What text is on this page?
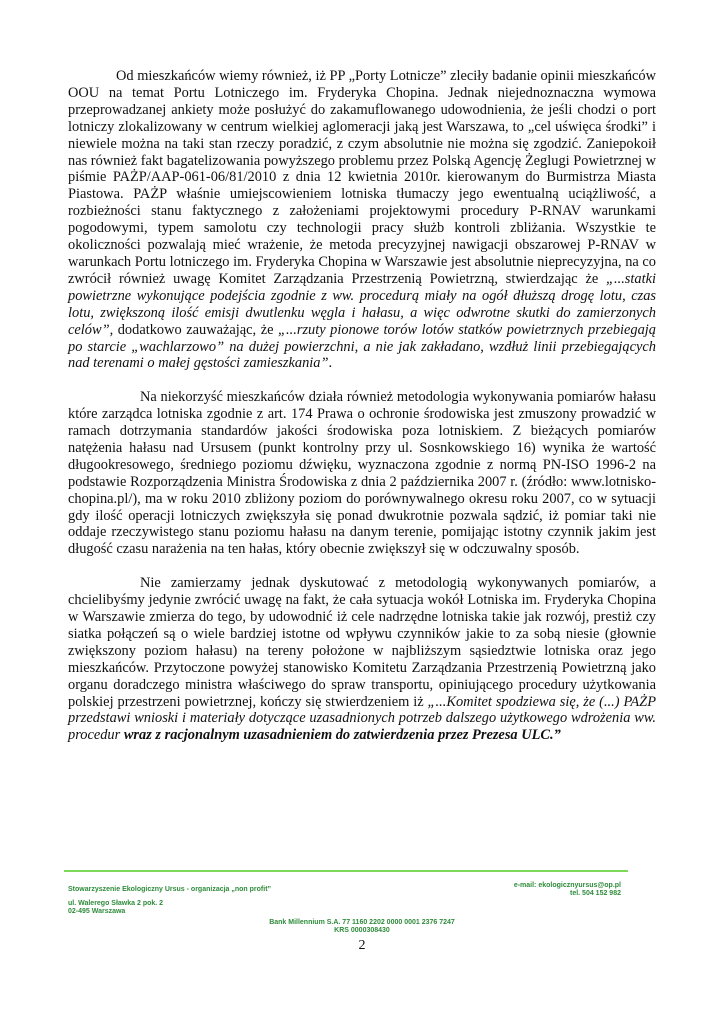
Od mieszkańców wiemy również, iż PP „Porty Lotnicze” zleciły badanie opinii mieszkańców OOU na temat Portu Lotniczego im. Fryderyka Chopina. Jednak niejednoznaczna wymowa przeprowadzanej ankiety może posłużyć do zakamuflowanego udowodnienia, że jeśli chodzi o port lotniczy zlokalizowany w centrum wielkiej aglomeracji jaką jest Warszawa, to „cel uświęca środki” i niewiele można na taki stan rzeczy poradzić, z czym absolutnie nie można się zgodzić. Zaniepokoił nas również fakt bagatelizowania powyższego problemu przez Polską Agencję Żeglugi Powietrznej w piśmie PAŻP/AAP-061-06/81/2010 z dnia 12 kwietnia 2010r. kierowanym do Burmistrza Miasta Piastowa. PAŻP właśnie umiejscowieniem lotniska tłumaczy jego ewentualną uciążliwość, a rozbieżności stanu faktycznego z założeniami projektowymi procedury P-RNAV warunkami pogodowymi, typem samolotu czy technologii pracy służb kontroli zbliżania. Wszystkie te okoliczności pozwalają mieć wrażenie, że metoda precyzyjnej nawigacji obszarowej P-RNAV w warunkach Portu lotniczego im. Fryderyka Chopina w Warszawie jest absolutnie nieprecyzyjna, na co zwrócił również uwagę Komitet Zarządzania Przestrzenią Powietrzną, stwierdzając że „...statki powietrzne wykonujące podejścia zgodnie z ww. procedurą miały na ogół dłuższą drogę lotu, czas lotu, zwiększoną ilość emisji dwutlenku węgla i hałasu, a więc odwrotne skutki do zamierzonych celów”, dodatkowo zauważając, że „...rzuty pionowe torów lotów statków powietrznych przebiegają po starcie „wachlarzowo” na dużej powierzchni, a nie jak zakładano, wzdłuż linii przebiegających nad terenami o małej gęstości zamieszkania”.

Na niekorzyść mieszkańców działa również metodologia wykonywania pomiarów hałasu które zarządca lotniska zgodnie z art. 174 Prawa o ochronie środowiska jest zmuszony prowadzić w ramach dotrzymania standardów jakości środowiska poza lotniskiem. Z bieżących pomiarów natężenia hałasu nad Ursusem (punkt kontrolny przy ul. Sosnkowskiego 16) wynika że wartość długookresowego, średniego poziomu dźwięku, wyznaczona zgodnie z normą PN-ISO 1996-2 na podstawie Rozporządzenia Ministra Środowiska z dnia 2 października 2007 r. (źródło: www.lotnisko-chopina.pl/), ma w roku 2010 zbliżony poziom do porównywalnego okresu roku 2007, co w sytuacji gdy ilość operacji lotniczych zwiększyła się ponad dwukrotnie pozwala sądzić, iż pomiar taki nie oddaje rzeczywistego stanu poziomu hałasu na danym terenie, pomijając istotny czynnik jakim jest długość czasu narażenia na ten hałas, który obecnie zwiększył się w odczuwalny sposób.

Nie zamierzamy jednak dyskutować z metodologią wykonywanych pomiarów, a chcielibyśmy jedynie zwrócić uwagę na fakt, że cała sytuacja wokół Lotniska im. Fryderyka Chopina w Warszawie zmierza do tego, by udowodnić iż cele nadrzędne lotniska takie jak rozwój, prestiż czy siatka połączeń są o wiele bardziej istotne od wpływu czynników jakie to za sobą niesie (głownie zwiększony poziom hałasu) na tereny położone w najbliższym sąsiedztwie lotniska oraz jego mieszkańców. Przytoczone powyżej stanowisko Komitetu Zarządzania Przestrzenią Powietrzną jako organu doradczego ministra właściwego do spraw transportu, opiniującego procedury użytkowania polskiej przestrzeni powietrznej, kończy się stwierdzeniem iż „...Komitet spodziewa się, że (...) PAŻP przedstawi wnioski i materiały dotyczące uzasadnionych potrzeb dalszego użytkowego wdrożenia ww. procedur wraz z racjonalnym uzasadnieniem do zatwierdzenia przez Prezesa ULC.”

Stowarzyszenie Ekologiczny Ursus - organizacja „non profit”
e-mail: ekologicznyursus@op.pl
tel. 504 152 982
ul. Walerego Sławka 2 pok. 2
02-495 Warszawa
Bank Millennium S.A. 77 1160 2202 0000 0001 2376 7247
KRS 0000308430
2
